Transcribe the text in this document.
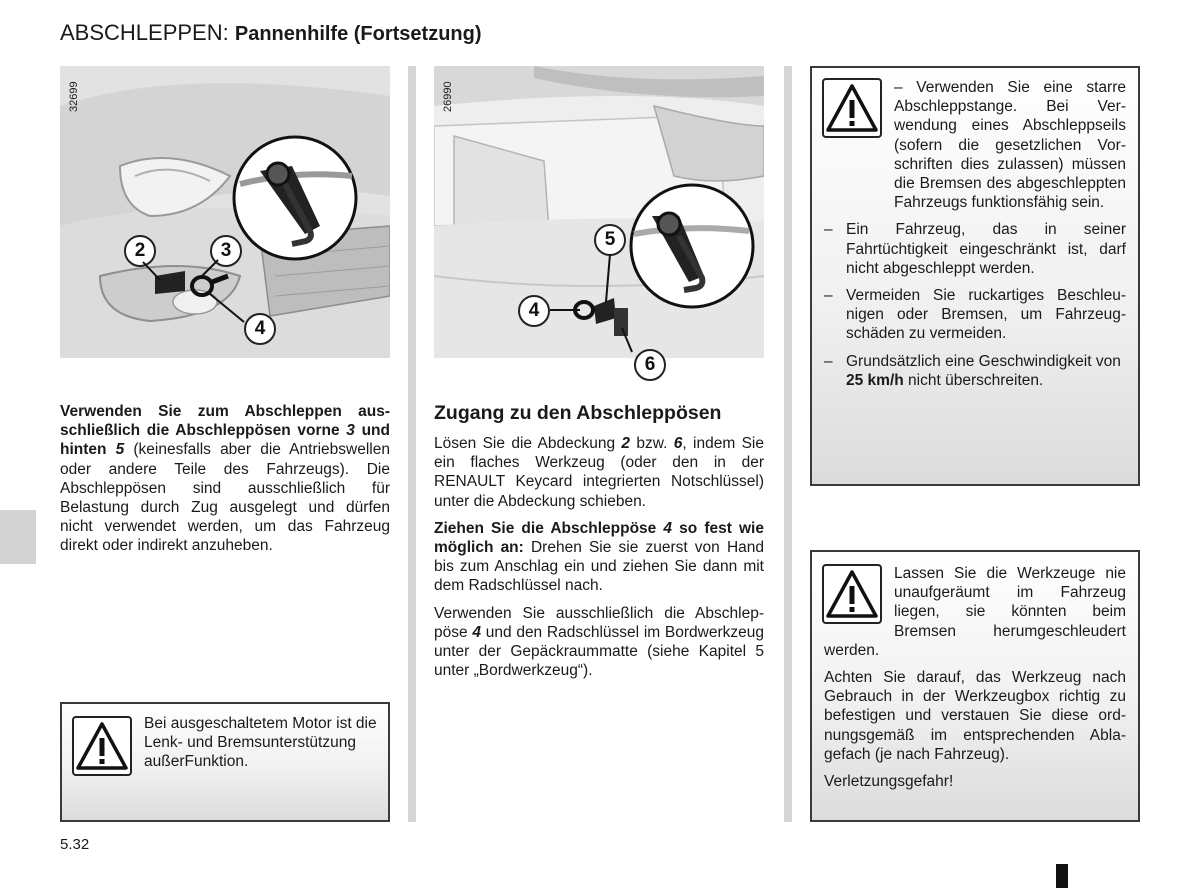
ABSCHLEPPEN: Pannenhilfe (Fortsetzung)
32699
2	3
4
26990
5
4
6

Verwenden Sie zum Abschleppen ausschließlich die Abschleppösen vorne 3 und hinten 5 (keinesfalls aber die Antriebswellen oder andere Teile des Fahrzeugs). Die Abschleppösen sind ausschließlich für Belastung durch Zug ausgelegt und dürfen nicht verwendet werden, um das Fahrzeug direkt oder indirekt anzuheben.

Bei ausgeschaltetem Motor ist die Lenk- und Bremsunterstützung außerFunktion.
Zugang zu den Abschleppösen

Lösen Sie die Abdeckung 2 bzw. 6, indem Sie ein flaches Werkzeug (oder den in der RENAULT Keycard integrierten Notschlüssel) unter die Abdeckung schieben.

Ziehen Sie die Abschleppöse 4 so fest wie möglich an: Drehen Sie sie zuerst von Hand bis zum Anschlag ein und ziehen Sie dann mit dem Radschlüssel nach.

Verwenden Sie ausschließlich die Abschleppöse 4 und den Radschlüssel im Bordwerkzeug unter der Gepäckraummatte (siehe Kapitel 5 unter „Bordwerkzeug“).

– Verwenden Sie eine starre Abschleppstange. Bei Verwendung eines Abschleppseils (sofern die gesetzlichen Vorschriften dies zulassen) müssen die Bremsen des abgeschleppten Fahrzeugs funktionsfähig sein.

– Ein Fahrzeug, das in seiner Fahrtüchtigkeit eingeschränkt ist, darf nicht abgeschleppt werden.
– Vermeiden Sie ruckartiges Beschleunigen oder Bremsen, um Fahrzeugschäden zu vermeiden.
– Grundsätzlich eine Geschwindigkeit von 25 km/h nicht überschreiten.

Lassen Sie die Werkzeuge nie unaufgeräumt im Fahrzeug liegen, sie könnten beim Bremsen herumgeschleudert werden.

Achten Sie darauf, das Werkzeug nach Gebrauch in der Werkzeugbox richtig zu befestigen und verstauen Sie diese ordnungsgemäß im entsprechenden Ablagefach (je nach Fahrzeug).

Verletzungsgefahr!

5.32
